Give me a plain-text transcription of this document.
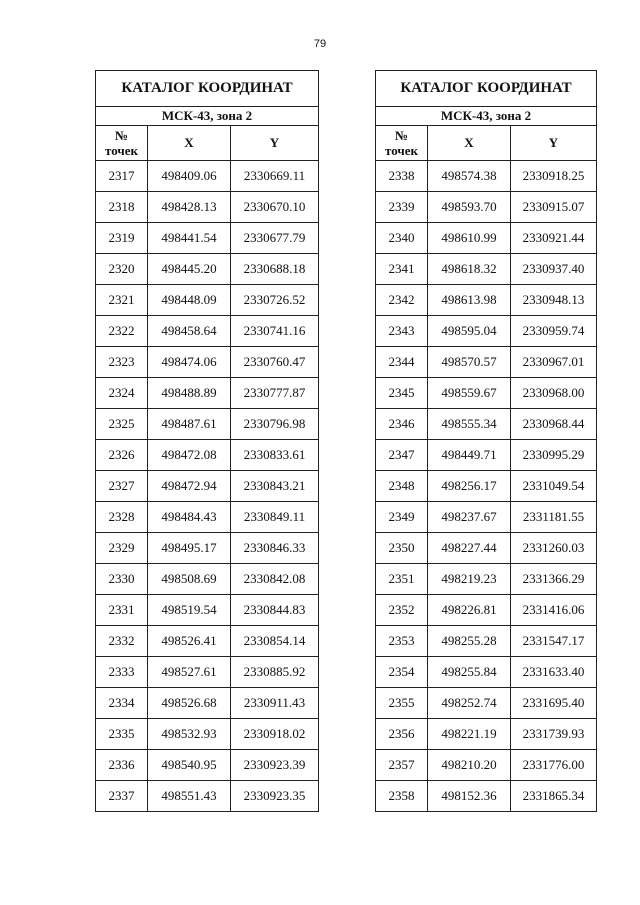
79
КАТАЛОГ КООРДИНАТ		
МСК-43, зона 2		
№
точек	X	Y
2317	498409.06	2330669.11
2318	498428.13	2330670.10
2319	498441.54	2330677.79
2320	498445.20	2330688.18
2321	498448.09	2330726.52
2322	498458.64	2330741.16
2323	498474.06	2330760.47
2324	498488.89	2330777.87
2325	498487.61	2330796.98
2326	498472.08	2330833.61
2327	498472.94	2330843.21
2328	498484.43	2330849.11
2329	498495.17	2330846.33
2330	498508.69	2330842.08
2331	498519.54	2330844.83
2332	498526.41	2330854.14
2333	498527.61	2330885.92
2334	498526.68	2330911.43
2335	498532.93	2330918.02
2336	498540.95	2330923.39
2337	498551.43	2330923.35
КАТАЛОГ КООРДИНАТ		
МСК-43, зона 2		
№
точек	X	Y
2338	498574.38	2330918.25
2339	498593.70	2330915.07
2340	498610.99	2330921.44
2341	498618.32	2330937.40
2342	498613.98	2330948.13
2343	498595.04	2330959.74
2344	498570.57	2330967.01
2345	498559.67	2330968.00
2346	498555.34	2330968.44
2347	498449.71	2330995.29
2348	498256.17	2331049.54
2349	498237.67	2331181.55
2350	498227.44	2331260.03
2351	498219.23	2331366.29
2352	498226.81	2331416.06
2353	498255.28	2331547.17
2354	498255.84	2331633.40
2355	498252.74	2331695.40
2356	498221.19	2331739.93
2357	498210.20	2331776.00
2358	498152.36	2331865.34
